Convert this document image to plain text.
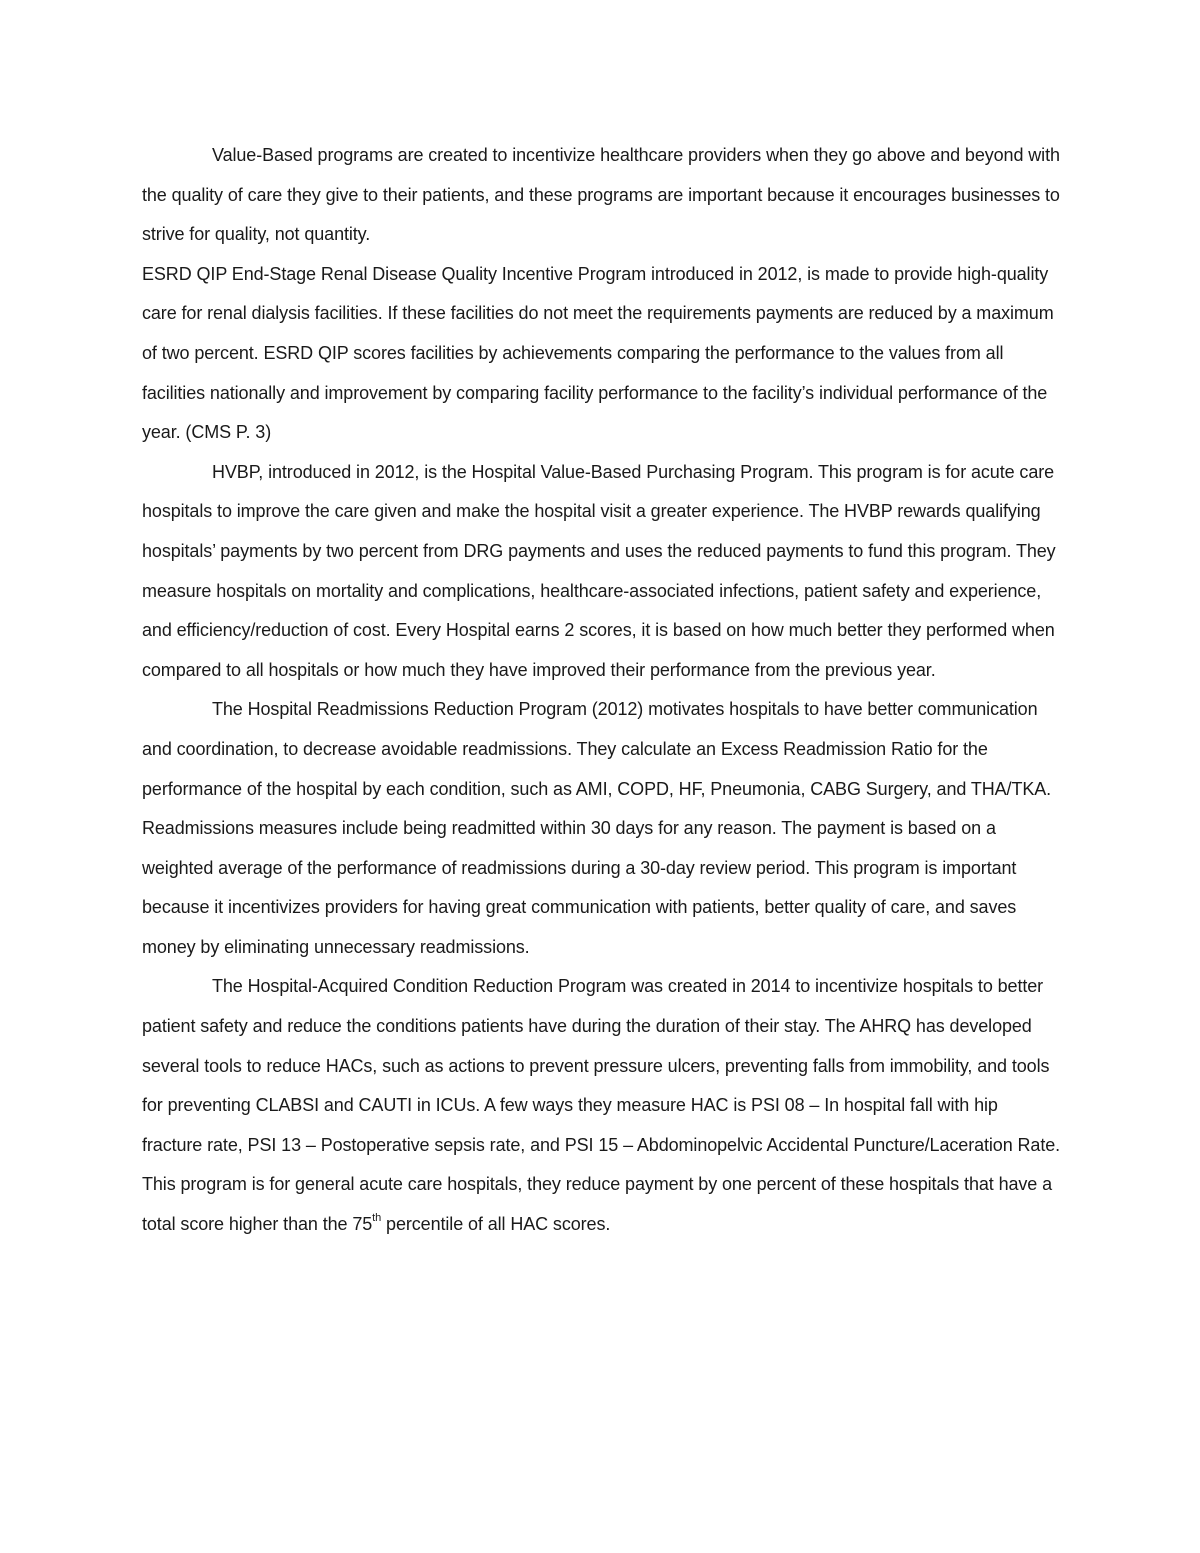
Value-Based programs are created to incentivize healthcare providers when they go above and beyond with the quality of care they give to their patients, and these programs are important because it encourages businesses to strive for quality, not quantity.

ESRD QIP End-Stage Renal Disease Quality Incentive Program introduced in 2012, is made to provide high-quality care for renal dialysis facilities. If these facilities do not meet the requirements payments are reduced by a maximum of two percent. ESRD QIP scores facilities by achievements comparing the performance to the values from all facilities nationally and improvement by comparing facility performance to the facility’s individual performance of the year. (CMS P. 3)

HVBP, introduced in 2012, is the Hospital Value-Based Purchasing Program. This program is for acute care hospitals to improve the care given and make the hospital visit a greater experience. The HVBP rewards qualifying hospitals’ payments by two percent from DRG payments and uses the reduced payments to fund this program. They measure hospitals on mortality and complications, healthcare-associated infections, patient safety and experience, and efficiency/reduction of cost. Every Hospital earns 2 scores, it is based on how much better they performed when compared to all hospitals or how much they have improved their performance from the previous year.

The Hospital Readmissions Reduction Program (2012) motivates hospitals to have better communication and coordination, to decrease avoidable readmissions. They calculate an Excess Readmission Ratio for the performance of the hospital by each condition, such as AMI, COPD, HF, Pneumonia, CABG Surgery, and THA/TKA. Readmissions measures include being readmitted within 30 days for any reason. The payment is based on a weighted average of the performance of readmissions during a 30-day review period. This program is important because it incentivizes providers for having great communication with patients, better quality of care, and saves money by eliminating unnecessary readmissions.

The Hospital-Acquired Condition Reduction Program was created in 2014 to incentivize hospitals to better patient safety and reduce the conditions patients have during the duration of their stay. The AHRQ has developed several tools to reduce HACs, such as actions to prevent pressure ulcers, preventing falls from immobility, and tools for preventing CLABSI and CAUTI in ICUs. A few ways they measure HAC is PSI 08 – In hospital fall with hip fracture rate, PSI 13 – Postoperative sepsis rate, and PSI 15 – Abdominopelvic Accidental Puncture/Laceration Rate. This program is for general acute care hospitals, they reduce payment by one percent of these hospitals that have a total score higher than the 75th percentile of all HAC scores.
